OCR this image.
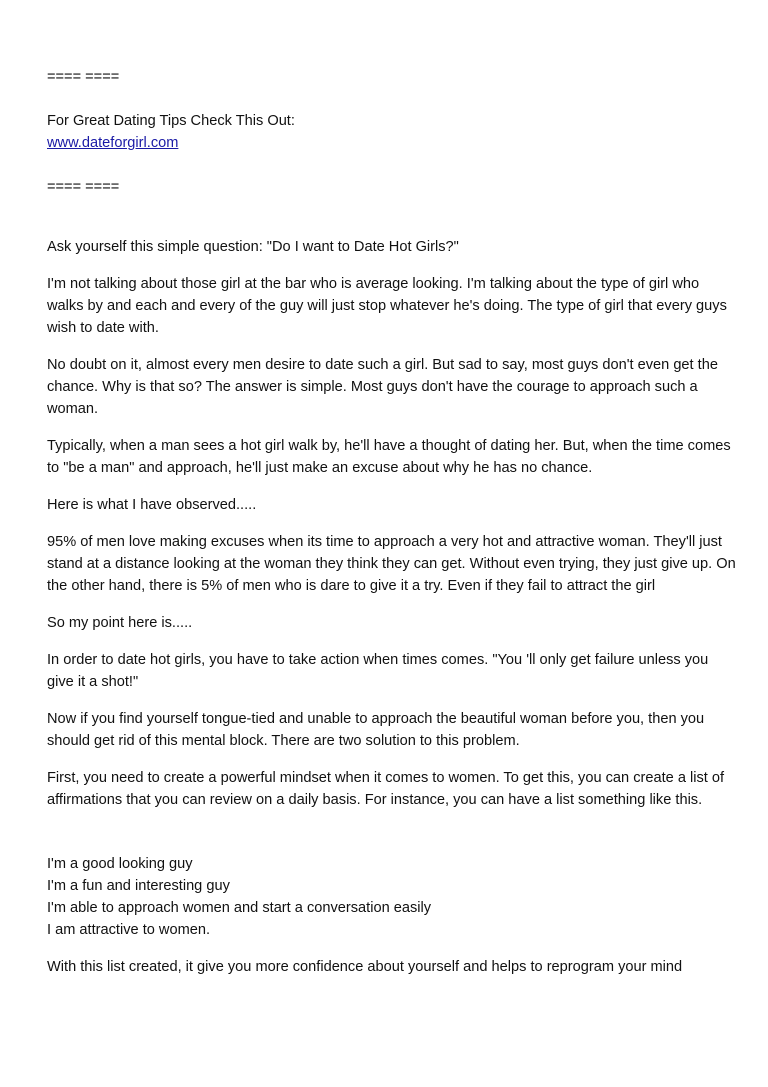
==== ====

For Great Dating Tips Check This Out:

www.dateforgirl.com

==== ====

Ask yourself this simple question: "Do I want to Date Hot Girls?"

I'm not talking about those girl at the bar who is average looking. I'm talking about the type of girl who walks by and each and every of the guy will just stop whatever he's doing. The type of girl that every guys wish to date with.

No doubt on it, almost every men desire to date such a girl. But sad to say, most guys don't even get the chance. Why is that so? The answer is simple. Most guys don't have the courage to approach such a woman.

Typically, when a man sees a hot girl walk by, he'll have a thought of dating her. But, when the time comes to "be a man" and approach, he'll just make an excuse about why he has no chance.

Here is what I have observed.....

95% of men love making excuses when its time to approach a very hot and attractive woman. They'll just stand at a distance looking at the woman they think they can get. Without even trying, they just give up. On the other hand, there is 5% of men who is dare to give it a try. Even if they fail to attract the girl

So my point here is.....

In order to date hot girls, you have to take action when times comes. "You 'll only get failure unless you give it a shot!"

Now if you find yourself tongue-tied and unable to approach the beautiful woman before you, then you should get rid of this mental block. There are two solution to this problem.

First, you need to create a powerful mindset when it comes to women. To get this, you can create a list of affirmations that you can review on a daily basis. For instance, you can have a list something like this.

I'm a good looking guy

I'm a fun and interesting guy

I'm able to approach women and start a conversation easily

I am attractive to women.

With this list created, it give you more confidence about yourself and helps to reprogram your mind
